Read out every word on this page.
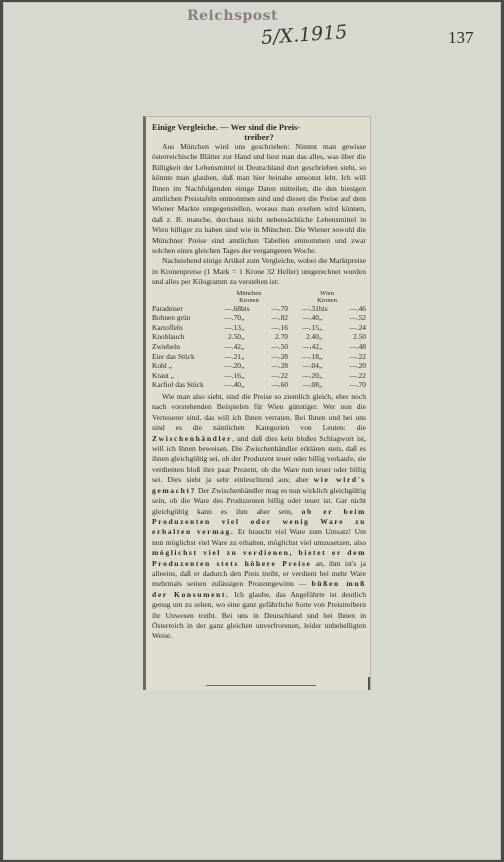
Reichspost
5/X.1915	137
Einige Vergleiche. — Wer sind die Preis-
treiber?

Aus München wird uns geschrieben: Nimmt man gewisse österreichische Blätter zur Hand und liest man das alles, was über die Billigkeit der Lebensmittel in Deutschland dort geschrieben steht, so könnte man glauben, daß man hier beinahe umsonst lebt. Ich will Ihnen im Nachfolgenden einige Daten mitteilen, die den hiesigen amtlichen Preistafeln entnommen sind und diesen die Preise auf dem Wiener Markte entgegenstellen, woraus man ersehen wird können, daß z. B. manche, durchaus nicht nebensächliche Lebensmittel in Wien billiger zu haben sind wie in München. Die Wiener sowohl die Münchner Preise sind amtlichen Tabellen entnommen und zwar solchen eines gleichen Tages der vergangenen Woche.

Nachstehend einige Artikel zum Vergleiche, wobei die Marktpreise in Kronenpreise (1 Mark = 1 Krone 32 Heller) umgerechnet wurden und alles per Kilogramm zu verstehen ist:

	München
Kronen			Wien
Kronen		
Paradeiser	—.68	bis	—.70	—.31	bis	—.46
Bohnen grün	—.70	„	—.82	—.40	„	—.52
Kartoffeln	—.13	„	—.16	—.15	„	—.24
Knoblauch	2.50	„	2.70	2.40	„	2.50
Zwiebeln	—.42	„	—.50	—.42	„	—.48
Eier das Stück	—.21	„	—.28	—.18	„	—.22
Kohl „	—.20	„	—.28	—.04	„	—.20
Kraut „	—.16	„	—.22	—.20	„	—.22
Karfiol das Stück	—.40	„	—.60	—.08	„	—.70

Wie man also sieht, sind die Preise so ziemlich gleich, eher noch nach vorstehenden Beispielen für Wien günstiger. Wer nun die Verteuerer sind, das will ich Ihnen verraten. Bei Ihnen und bei uns sind es die nämlichen Kategorien von Leuten: die Zwischenhändler, und daß dies kein bloßes Schlagwort ist, will ich Ihnen beweisen. Die Zwischenhändler erklären stets, daß es ihnen gleichgültig sei, ob der Produzent teuer oder billig verkaufe, sie verdienten bloß ihre paar Prozent, ob die Ware nun teuer oder billig sei. Dies sieht ja sehr einleuchtend aus; aber wie wird's gemacht? Der Zwischenhändler mag es nun wirklich gleichgültig sein, ob die Ware des Produzenten billig oder teuer ist. Gar nicht gleichgültig kann es ihm aber sein, ob er beim Produzenten viel oder wenig Ware zu erhalten vermag. Er braucht viel Ware zum Umsatz! Um nun möglichst viel Ware zu erhalten, möglichst viel umzusetzen, also möglichst viel zu verdienen, bietet er dem Produzenten stets höhere Preise an, ihm ist's ja alleeins, daß er dadurch den Preis treibt, er verdient bei mehr Ware mehrmals seinen zulässigen Prozentgewinn — büßen muß der Konsument. Ich glaube, das Angeführte ist deutlich genug um zu sehen, wo eine ganz gefährliche Sorte von Preistreibern ihr Unwesen treibt. Bei uns in Deutschland und bei Ihnen in Österreich in der ganz gleichen unverfrorenen, leider unbehelligten Weise.
